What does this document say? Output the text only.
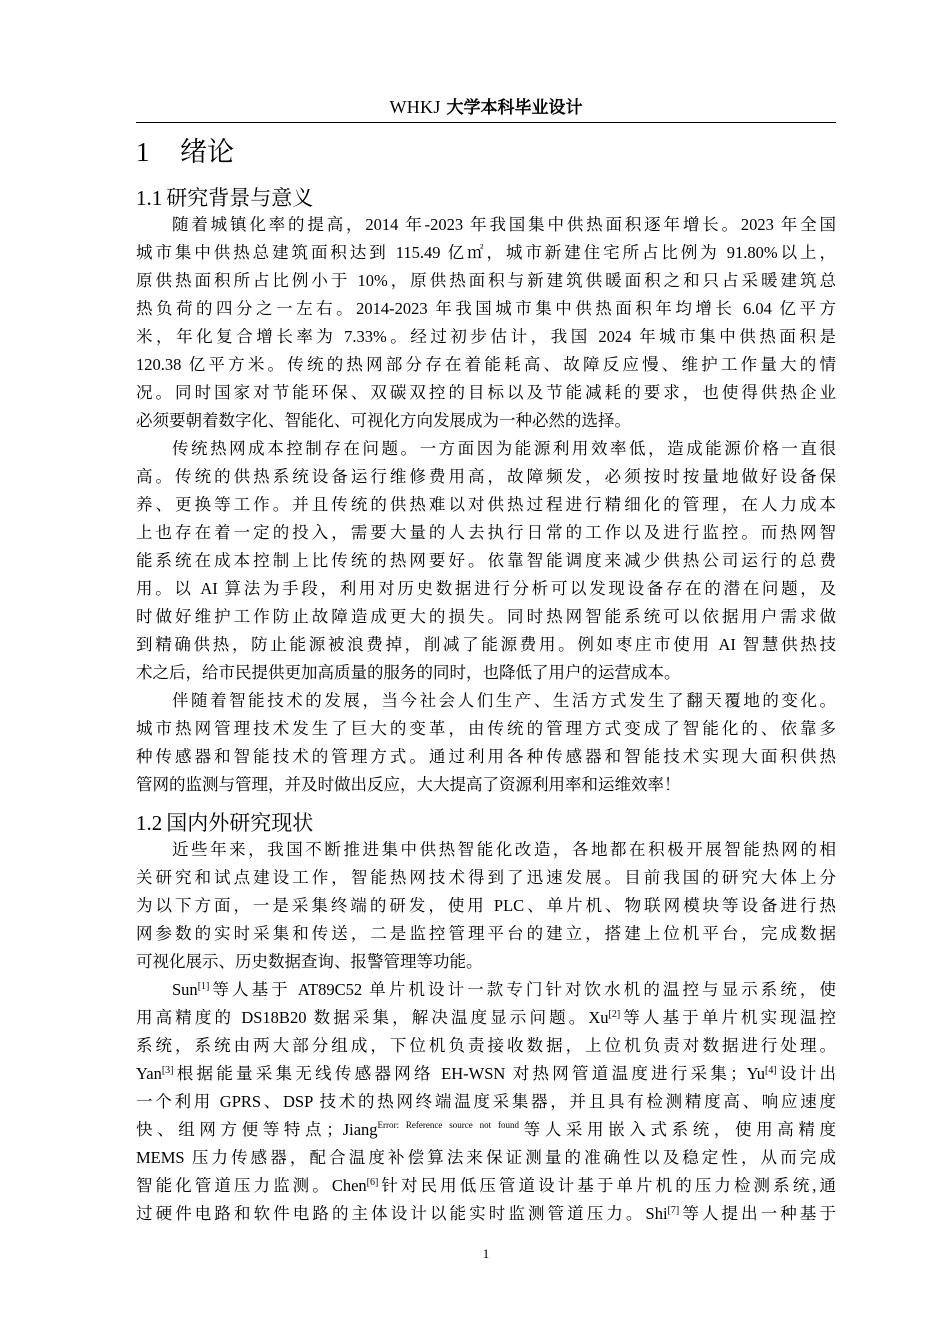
WHKJ 大学本科毕业设计
1 绪论
1.1 研究背景与意义
随着城镇化率的提高，2014 年-2023 年我国集中供热面积逐年增长。2023 年全国
城市集中供热总建筑面积达到 115.49 亿㎡，城市新建住宅所占比例为 91.80%以上，
原供热面积所占比例小于 10%，原供热面积与新建筑供暖面积之和只占采暖建筑总
热负荷的四分之一左右。2014-2023 年我国城市集中供热面积年均增长 6.04 亿平方
米，年化复合增长率为 7.33%。经过初步估计，我国 2024 年城市集中供热面积是
120.38 亿平方米。传统的热网部分存在着能耗高、故障反应慢、维护工作量大的情
况。同时国家对节能环保、双碳双控的目标以及节能减耗的要求，也使得供热企业
必须要朝着数字化、智能化、可视化方向发展成为一种必然的选择。
传统热网成本控制存在问题。一方面因为能源利用效率低，造成能源价格一直很
高。传统的供热系统设备运行维修费用高，故障频发，必须按时按量地做好设备保
养、更换等工作。并且传统的供热难以对供热过程进行精细化的管理，在人力成本
上也存在着一定的投入，需要大量的人去执行日常的工作以及进行监控。而热网智
能系统在成本控制上比传统的热网要好。依靠智能调度来减少供热公司运行的总费
用。以 AI 算法为手段，利用对历史数据进行分析可以发现设备存在的潜在问题，及
时做好维护工作防止故障造成更大的损失。同时热网智能系统可以依据用户需求做
到精确供热，防止能源被浪费掉，削减了能源费用。例如枣庄市使用 AI 智慧供热技
术之后，给市民提供更加高质量的服务的同时，也降低了用户的运营成本。
伴随着智能技术的发展，当今社会人们生产、生活方式发生了翻天覆地的变化。
城市热网管理技术发生了巨大的变革，由传统的管理方式变成了智能化的、依靠多
种传感器和智能技术的管理方式。通过利用各种传感器和智能技术实现大面积供热
管网的监测与管理，并及时做出反应，大大提高了资源利用率和运维效率！
1.2 国内外研究现状
近些年来，我国不断推进集中供热智能化改造，各地都在积极开展智能热网的相
关研究和试点建设工作，智能热网技术得到了迅速发展。目前我国的研究大体上分
为以下方面，一是采集终端的研发，使用 PLC、单片机、物联网模块等设备进行热
网参数的实时采集和传送，二是监控管理平台的建立，搭建上位机平台，完成数据
可视化展示、历史数据查询、报警管理等功能。
Sun[1]等人基于 AT89C52 单片机设计一款专门针对饮水机的温控与显示系统，使
用高精度的 DS18B20 数据采集，解决温度显示问题。Xu[2]等人基于单片机实现温控
系统，系统由两大部分组成，下位机负责接收数据，上位机负责对数据进行处理。
Yan[3]根据能量采集无线传感器网络 EH-WSN 对热网管道温度进行采集；Yu[4]设计出
一个利用 GPRS、DSP 技术的热网终端温度采集器，并且具有检测精度高、响应速度
快、组网方便等特点；Jiang$^{Error: Reference source not found}$等人采用嵌入式系统，使用高精度
MEMS 压力传感器，配合温度补偿算法来保证测量的准确性以及稳定性，从而完成
智能化管道压力监测。Chen[6]针对民用低压管道设计基于单片机的压力检测系统,通
过硬件电路和软件电路的主体设计以能实时监测管道压力。Shi[7]等人提出一种基于
1
